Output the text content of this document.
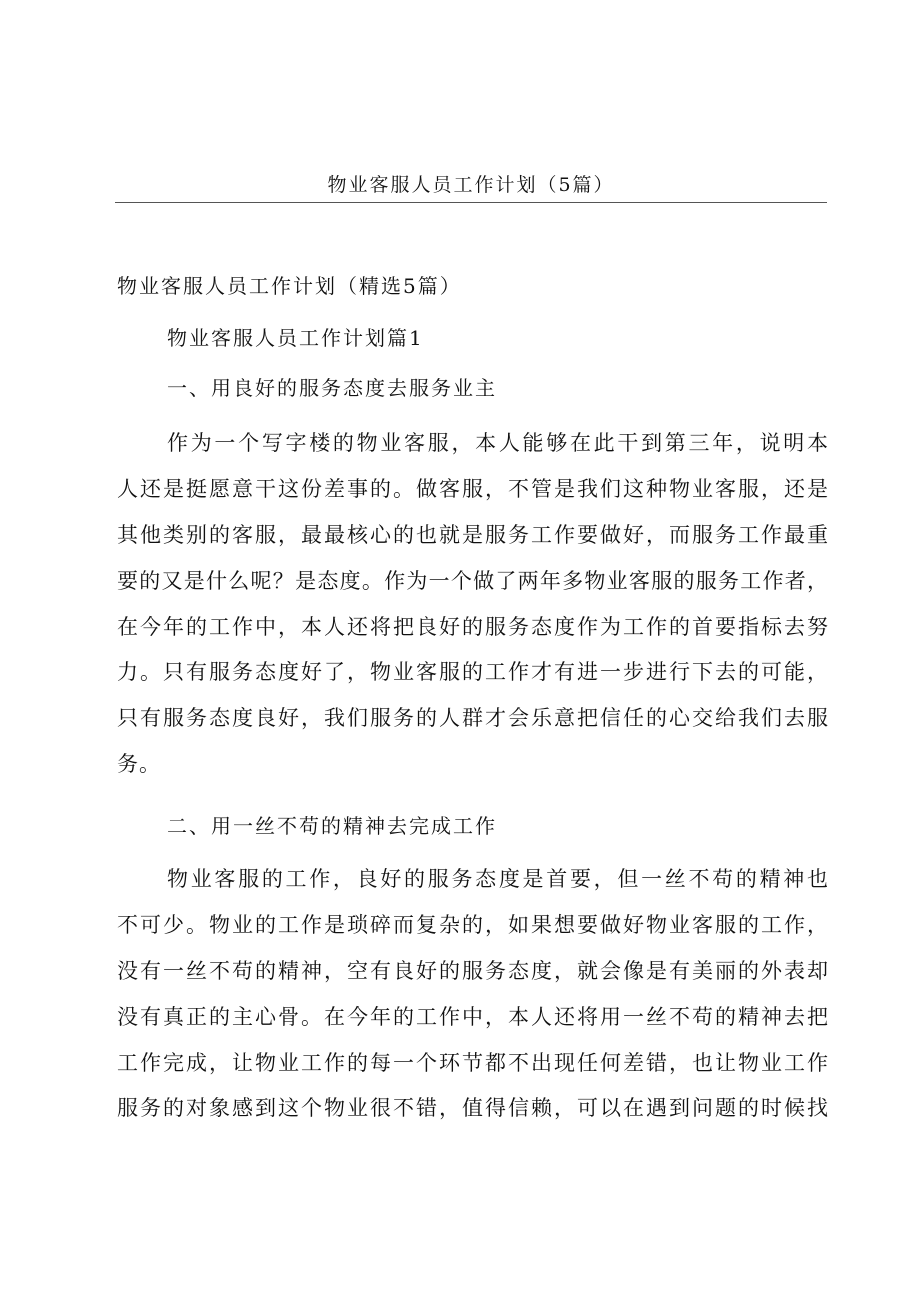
物业客服人员工作计划（5篇）
物业客服人员工作计划（精选5篇）
物业客服人员工作计划篇1
一、用良好的服务态度去服务业主
作为一个写字楼的物业客服，本人能够在此干到第三年，说明本
人还是挺愿意干这份差事的。做客服，不管是我们这种物业客服，还是
其他类别的客服，最最核心的也就是服务工作要做好，而服务工作最重
要的又是什么呢？是态度。作为一个做了两年多物业客服的服务工作者，
在今年的工作中，本人还将把良好的服务态度作为工作的首要指标去努
力。只有服务态度好了，物业客服的工作才有进一步进行下去的可能，
只有服务态度良好，我们服务的人群才会乐意把信任的心交给我们去服
务。
二、用一丝不苟的精神去完成工作
物业客服的工作，良好的服务态度是首要，但一丝不苟的精神也
不可少。物业的工作是琐碎而复杂的，如果想要做好物业客服的工作，
没有一丝不苟的精神，空有良好的服务态度，就会像是有美丽的外表却
没有真正的主心骨。在今年的工作中，本人还将用一丝不苟的精神去把
工作完成，让物业工作的每一个环节都不出现任何差错，也让物业工作
服务的对象感到这个物业很不错，值得信赖，可以在遇到问题的时候找
